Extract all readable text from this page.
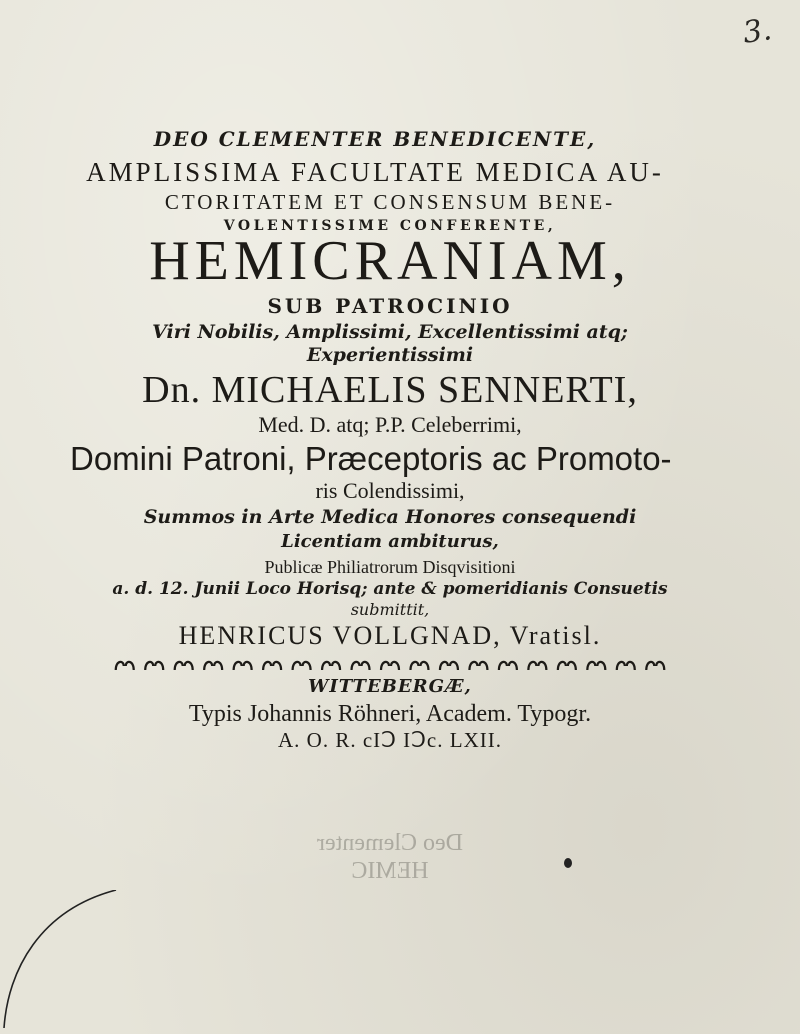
3.
DEO CLEMENTER BENEDICENTE,
AMPLISSIMA FACULTATE MEDICA AU-
CTORITATEM ET CONSENSUM BENE-
VOLENTISSIME CONFERENTE,
HEMICRANIAM,
SUB PATROCINIO
Viri Nobilis, Amplissimi, Excellentissimi atq;
Experientissimi
Dn. MICHAELIS SENNERTI,
Med. D. atq; P.P. Celeberrimi,
Domini Patroni, Præceptoris ac Promoto-
ris Colendissimi,
Summos in Arte Medica Honores consequendi
Licentiam ambiturus,
Publicæ Philiatrorum Disqvisitioni
a. d. 12. Junii Loco Horisq; ante & pomeridianis Consuetis
submittit,
HENRICUS VOLLGNAD, Vratisl.
WITTEBERGÆ,
Typis Johannis Röhneri, Academ. Typogr.
A. O. R. cIↃ IↃc. LXII.
Deo Clementer
HEMIC
